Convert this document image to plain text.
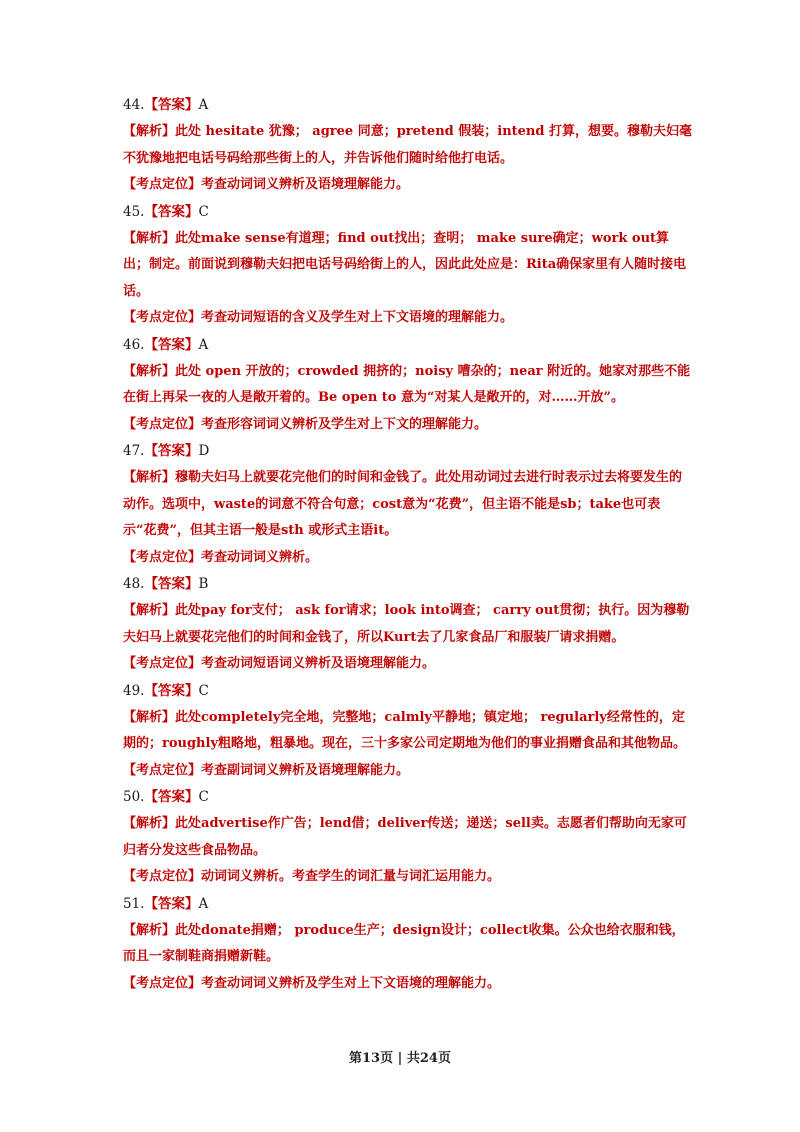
44.【答案】A
【解析】此处 hesitate 犹豫； agree 同意；pretend 假装；intend 打算，想要。穆勒夫妇毫不犹豫地把电话号码给那些街上的人，并告诉他们随时给他打电话。
【考点定位】考查动词词义辨析及语境理解能力。
45.【答案】C
【解析】此处make sense有道理；find out找出；查明； make sure确定；work out算出；制定。前面说到穆勒夫妇把电话号码给街上的人，因此此处应是：Rita确保家里有人随时接电话。
【考点定位】考查动词短语的含义及学生对上下文语境的理解能力。
46.【答案】A
【解析】此处 open 开放的；crowded 拥挤的；noisy 嘈杂的；near 附近的。她家对那些不能在街上再呆一夜的人是敞开着的。Be open to 意为“对某人是敞开的，对……开放”。
【考点定位】考查形容词词义辨析及学生对上下文的理解能力。
47.【答案】D
【解析】穆勒夫妇马上就要花完他们的时间和金钱了。此处用动词过去进行时表示过去将要发生的动作。选项中，waste的词意不符合句意；cost意为“花费”，但主语不能是sb；take也可表示“花费”，但其主语一般是sth 或形式主语it。
【考点定位】考查动词词义辨析。
48.【答案】B
【解析】此处pay for支付； ask for请求；look into调查； carry out贯彻；执行。因为穆勒夫妇马上就要花完他们的时间和金钱了，所以Kurt去了几家食品厂和服装厂请求捐赠。
【考点定位】考查动词短语词义辨析及语境理解能力。
49.【答案】C
【解析】此处completely完全地，完整地；calmly平静地；镇定地； regularly经常性的，定期的；roughly粗略地，粗暴地。现在，三十多家公司定期地为他们的事业捐赠食品和其他物品。
【考点定位】考查副词词义辨析及语境理解能力。
50.【答案】C
【解析】此处advertise作广告；lend借；deliver传送；递送；sell卖。志愿者们帮助向无家可归者分发这些食品物品。
【考点定位】动词词义辨析。考查学生的词汇量与词汇运用能力。
51.【答案】A
【解析】此处donate捐赠； produce生产；design设计；collect收集。公众也给衣服和钱，而且一家制鞋商捐赠新鞋。
【考点定位】考查动词词义辨析及学生对上下文语境的理解能力。
第13页 | 共24页
